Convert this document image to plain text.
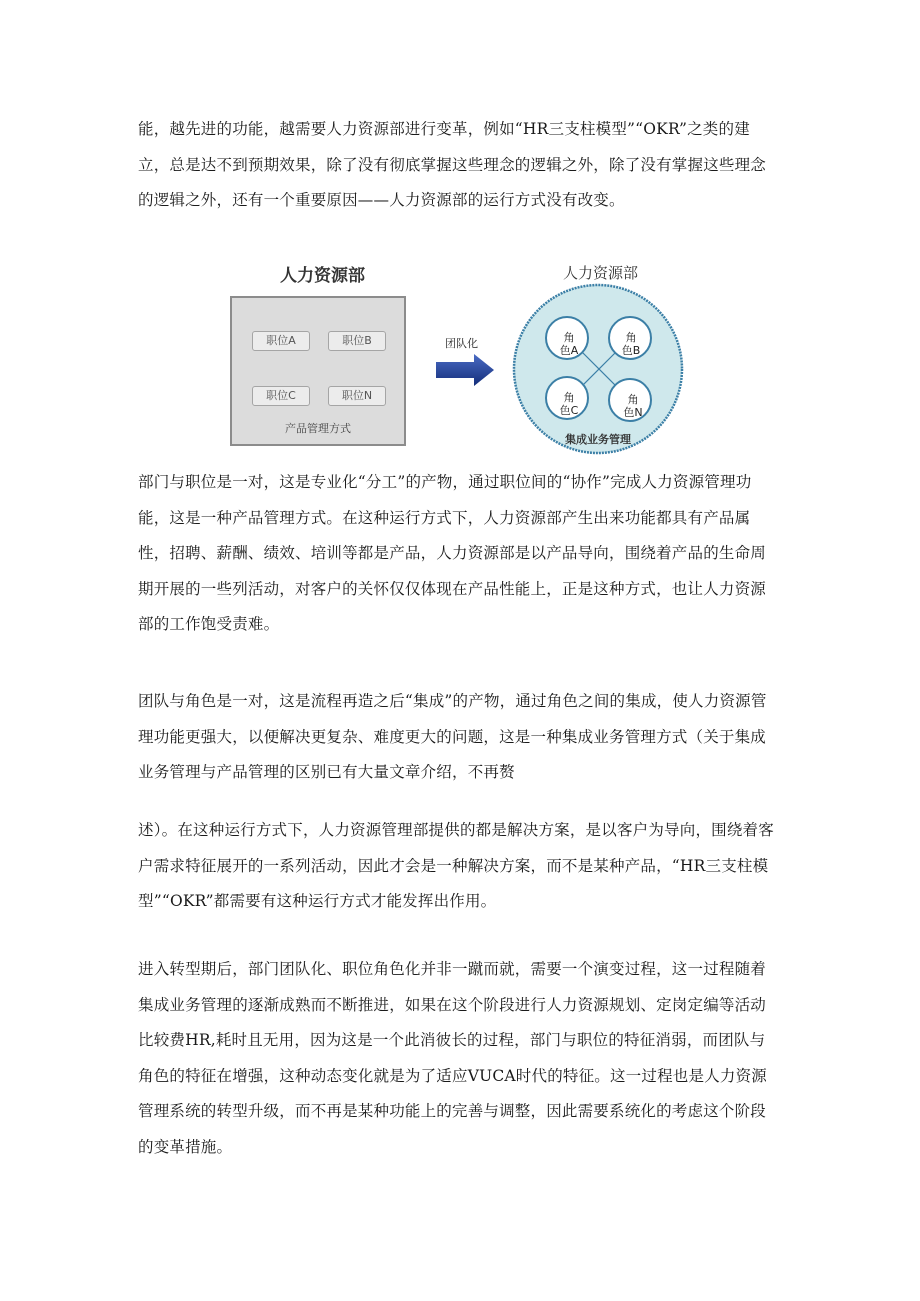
能，越先进的功能，越需要人力资源部进行变革，例如“HR三支柱模型”“OKR”之类的建立，总是达不到预期效果，除了没有彻底掌握这些理念的逻辑之外，除了没有掌握这些理念的逻辑之外，还有一个重要原因——人力资源部的运行方式没有改变。

人力资源部
职位A	职位B
职位C	职位N
产品管理方式
团队化
人力资源部
角
色A
角
色B
角
色C
角
色N
集成业务管理

部门与职位是一对，这是专业化“分工”的产物，通过职位间的“协作”完成人力资源管理功能，这是一种产品管理方式。在这种运行方式下，人力资源部产生出来功能都具有产品属性，招聘、薪酬、绩效、培训等都是产品，人力资源部是以产品导向，围绕着产品的生命周期开展的一些列活动，对客户的关怀仅仅体现在产品性能上，正是这种方式，也让人力资源部的工作饱受责难。

团队与角色是一对，这是流程再造之后“集成”的产物，通过角色之间的集成，使人力资源管理功能更强大，以便解决更复杂、难度更大的问题，这是一种集成业务管理方式（关于集成业务管理与产品管理的区别已有大量文章介绍，不再赘

述）。在这种运行方式下，人力资源管理部提供的都是解决方案，是以客户为导向，围绕着客户需求特征展开的一系列活动，因此才会是一种解决方案，而不是某种产品，“HR三支柱模型”“OKR”都需要有这种运行方式才能发挥出作用。

进入转型期后，部门团队化、职位角色化并非一蹴而就，需要一个演变过程，这一过程随着集成业务管理的逐渐成熟而不断推进，如果在这个阶段进行人力资源规划、定岗定编等活动比较费HR,耗时且无用，因为这是一个此消彼长的过程，部门与职位的特征消弱，而团队与角色的特征在增强，这种动态变化就是为了适应VUCA时代的特征。这一过程也是人力资源管理系统的转型升级，而不再是某种功能上的完善与调整，因此需要系统化的考虑这个阶段的变革措施。
